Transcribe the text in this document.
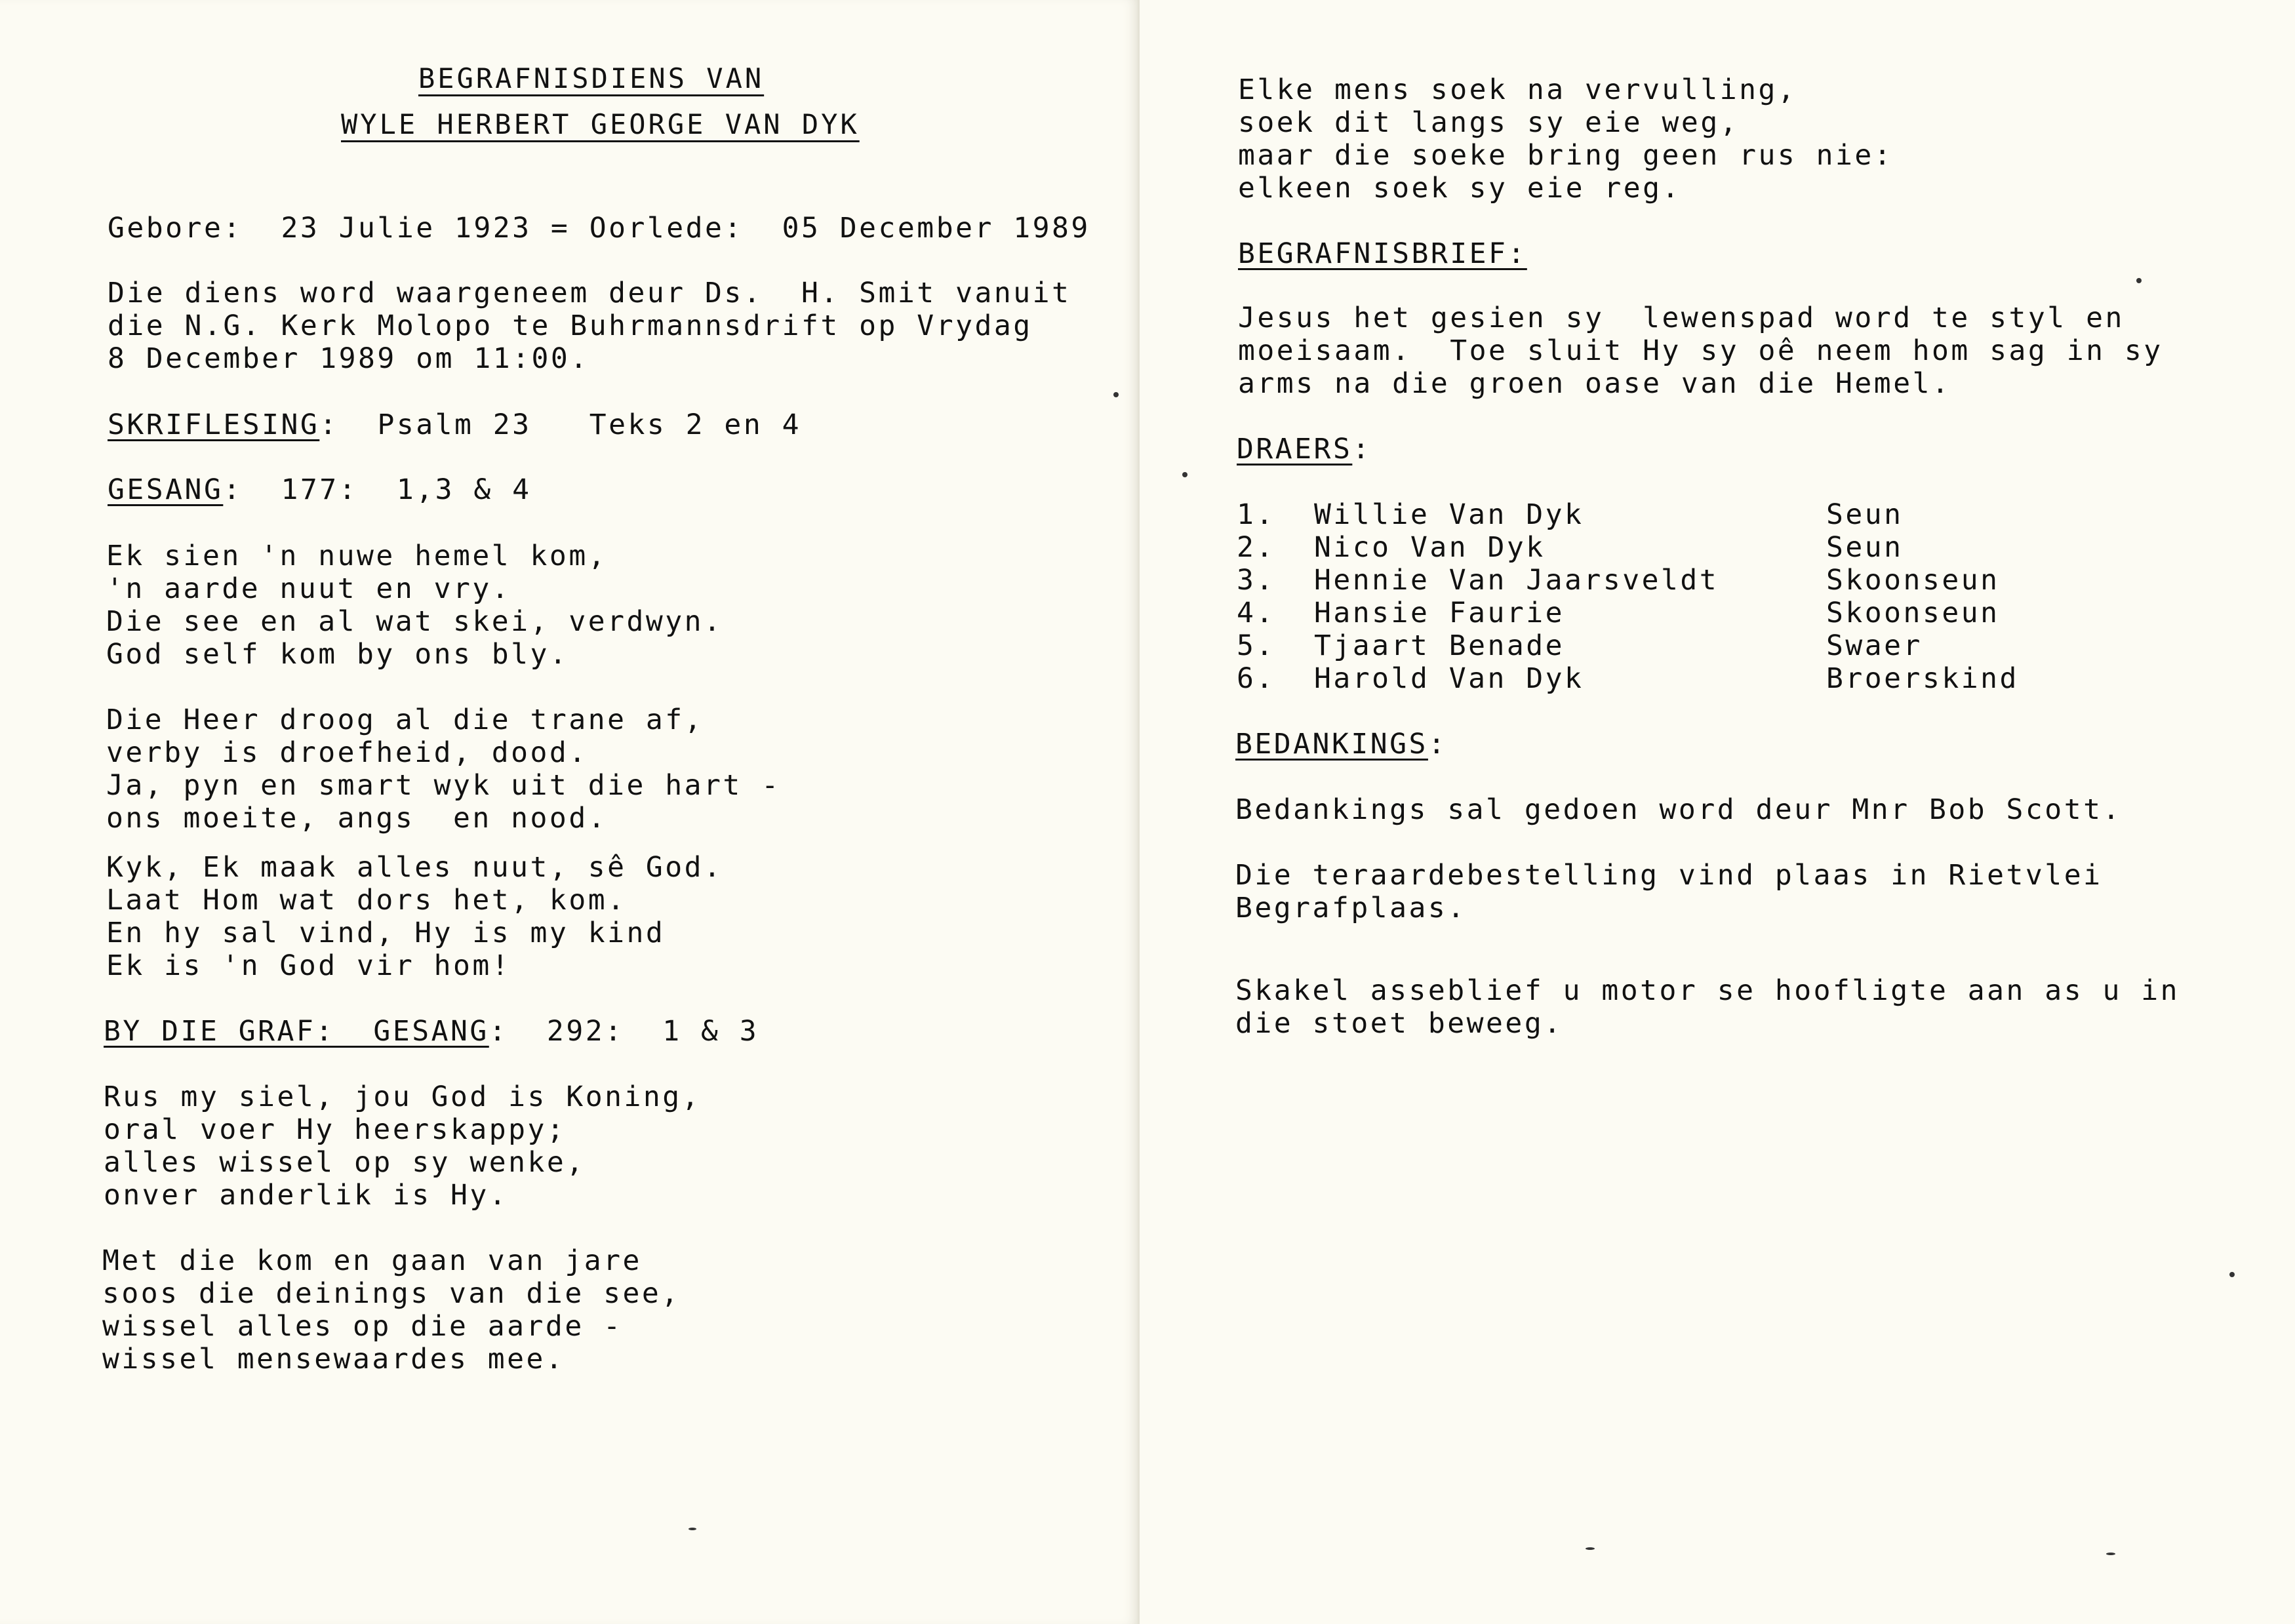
BEGRAFNISDIENS VAN
WYLE HERBERT GEORGE VAN DYK
Gebore:  23 Julie 1923 = Oorlede:  05 December 1989
Die diens word waargeneem deur Ds.  H. Smit vanuit
die N.G. Kerk Molopo te Buhrmannsdrift op Vrydag
8 December 1989 om 11:00.
SKRIFLESING:  Psalm 23   Teks 2 en 4
GESANG:  177:  1,3 & 4
Ek sien 'n nuwe hemel kom,
'n aarde nuut en vry.
Die see en al wat skei, verdwyn.
God self kom by ons bly.
Die Heer droog al die trane af,
verby is droefheid, dood.
Ja, pyn en smart wyk uit die hart -
ons moeite, angs  en nood.
Kyk, Ek maak alles nuut, sê God.
Laat Hom wat dors het, kom.
En hy sal vind, Hy is my kind
Ek is 'n God vir hom!
BY DIE GRAF:  GESANG:  292:  1 & 3
Rus my siel, jou God is Koning,
oral voer Hy heerskappy;
alles wissel op sy wenke,
onver anderlik is Hy.
Met die kom en gaan van jare
soos die deinings van die see,
wissel alles op die aarde -
wissel mensewaardes mee.
Elke mens soek na vervulling,
soek dit langs sy eie weg,
maar die soeke bring geen rus nie:
elkeen soek sy eie reg.
BEGRAFNISBRIEF:
Jesus het gesien sy  lewenspad word te styl en
moeisaam.  Toe sluit Hy sy oê neem hom sag in sy
arms na die groen oase van die Hemel.
DRAERS:
1. Willie Van Dyk	Seun
2. Nico Van Dyk	Seun
3. Hennie Van Jaarsveldt	Skoonseun
4. Hansie Faurie	Skoonseun
5. Tjaart Benade	Swaer
6. Harold Van Dyk	Broerskind
BEDANKINGS:
Bedankings sal gedoen word deur Mnr Bob Scott.
Die teraardebestelling vind plaas in Rietvlei
Begrafplaas.
Skakel asseblief u motor se hoofligte aan as u in
die stoet beweeg.
